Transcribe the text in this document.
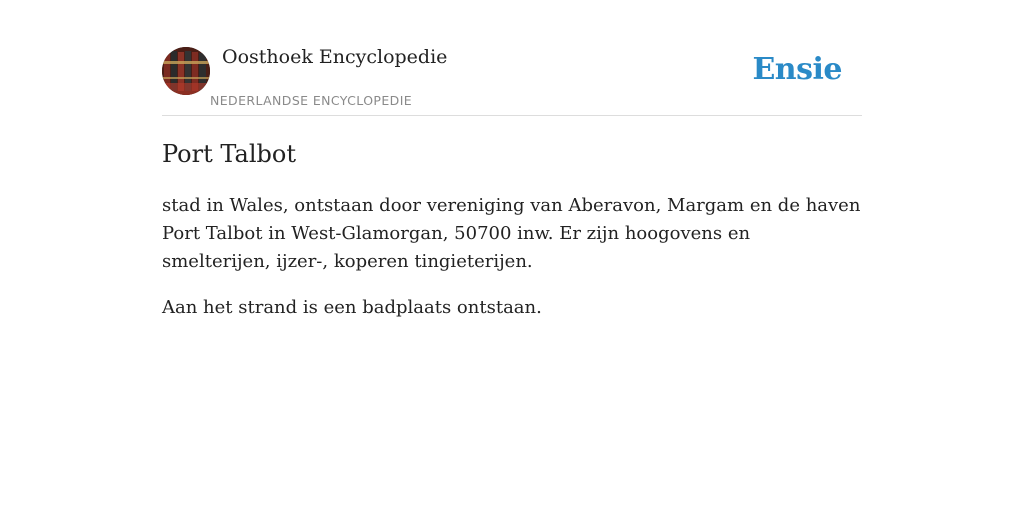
Oosthoek Encyclopedie
NEDERLANDSE ENCYCLOPEDIE
Ensie
Port Talbot

stad in Wales, ontstaan door vereniging van Aberavon, Margam en de haven Port Talbot in West-Glamorgan, 50700 inw. Er zijn hoogovens en smelterijen, ijzer-, koperen tingieterijen.

Aan het strand is een badplaats ontstaan.
